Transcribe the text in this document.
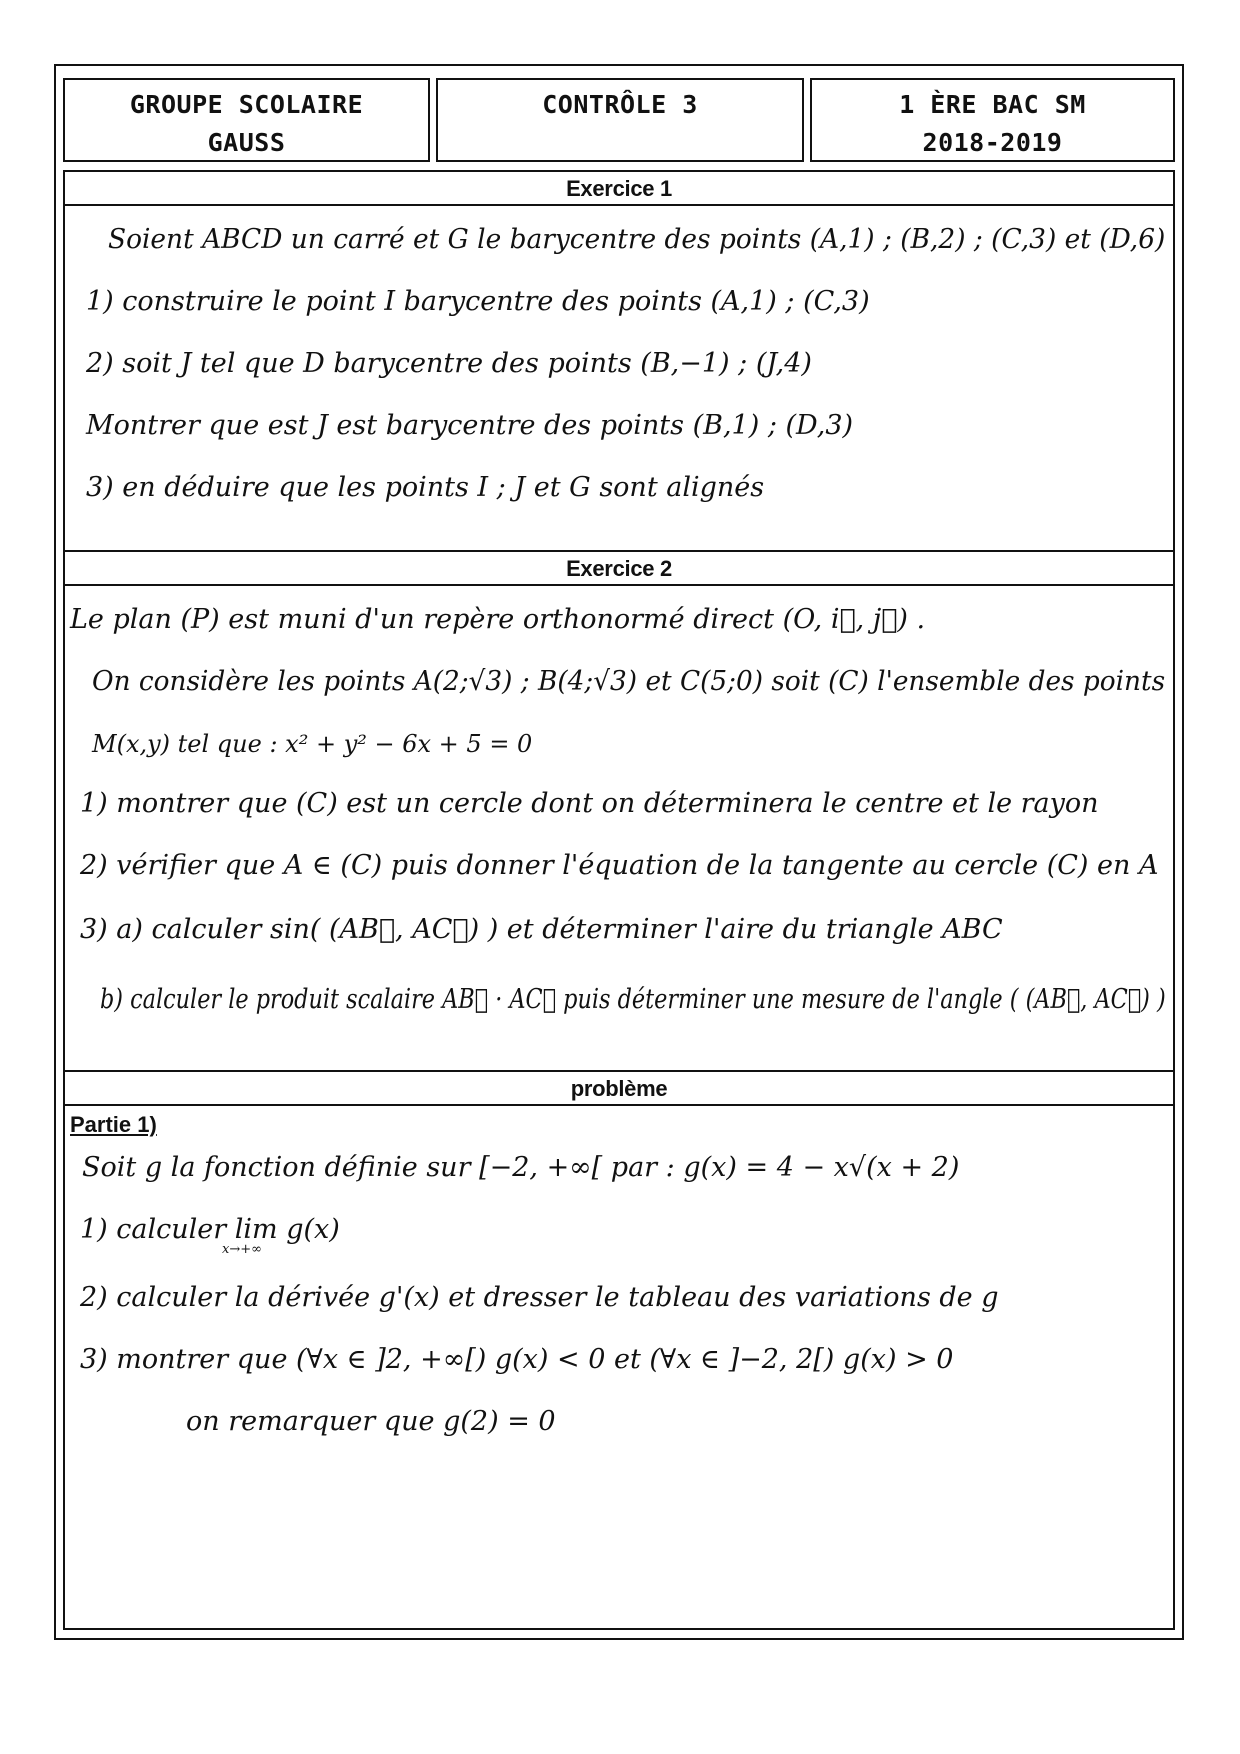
GROUPE SCOLAIRE
GAUSS
CONTRÔLE 3	1 ÈRE BAC SM
2018-2019
Exercice 1
Soient ABCD un carré et G le barycentre des points (A,1) ; (B,2) ; (C,3) et (D,6)
1) construire le point I barycentre des points (A,1) ; (C,3)
2) soit J tel que D barycentre des points (B,−1) ; (J,4)
Montrer que est J est barycentre des points (B,1) ; (D,3)
3) en déduire que les points I ; J et G sont alignés
Exercice 2
Le plan (P) est muni d'un repère orthonormé direct (O, i⃗, j⃗) .
On considère les points A(2;√3) ; B(4;√3) et C(5;0) soit (C) l'ensemble des points
M(x,y) tel que : x² + y² − 6x + 5 = 0
1) montrer que (C) est un cercle dont on déterminera le centre et le rayon
2) vérifier que A ∈ (C) puis donner l'équation de la tangente au cercle (C) en A
3) a) calculer sin( (AB⃗, AC⃗) ) et déterminer l'aire du triangle ABC
b) calculer le produit scalaire AB⃗ · AC⃗ puis déterminer une mesure de l'angle ( (AB⃗, AC⃗) )
problème
Partie 1)
Soit g la fonction définie sur [−2, +∞[ par : g(x) = 4 − x√(x + 2)
1) calculer lim g(x)
x→+∞
2) calculer la dérivée g'(x) et dresser le tableau des variations de g
3) montrer que (∀x ∈ ]2, +∞[) g(x) < 0 et (∀x ∈ ]−2, 2[) g(x) > 0
on remarquer que g(2) = 0
